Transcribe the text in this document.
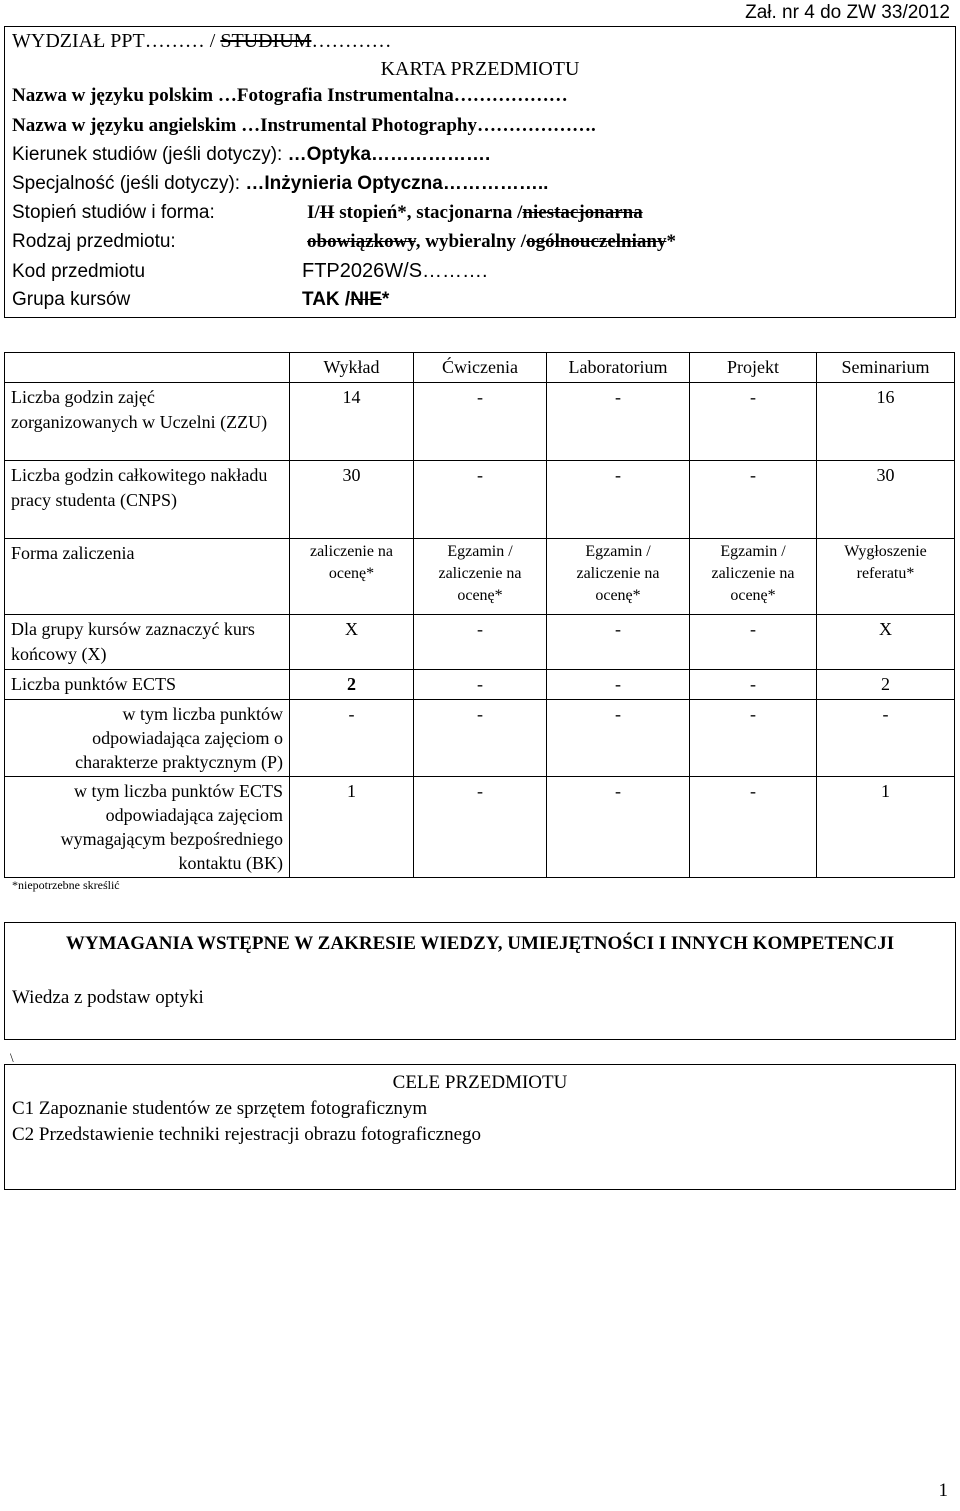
Zał. nr 4 do ZW 33/2012
WYDZIAŁ PPT……… / STUDIUM…………
KARTA PRZEDMIOTU
Nazwa w języku polskim …Fotografia Instrumentalna………………
Nazwa w języku angielskim …Instrumental Photography……………….
Kierunek studiów (jeśli dotyczy): …Optyka……………….
Specjalność (jeśli dotyczy): …Inżynieria Optyczna……………..
Stopień studiów i forma:	I/II stopień*, stacjonarna /niestacjonarna
Rodzaj przedmiotu:	obowiązkowy, wybieralny /ogólnouczelniany*
Kod przedmiotu	FTP2026W/S……….
Grupa kursów	TAK /NIE*
	Wykład	Ćwiczenia	Laboratorium	Projekt	Seminarium
Liczba godzin zajęć zorganizowanych w Uczelni (ZZU)	14	-	-	-	16
Liczba godzin całkowitego nakładu pracy studenta (CNPS)	30	-	-	-	30
Forma zaliczenia	zaliczenie na ocenę*	Egzamin / zaliczenie na ocenę*	Egzamin / zaliczenie na ocenę*	Egzamin / zaliczenie na ocenę*	Wygłoszenie referatu*
Dla grupy kursów zaznaczyć kurs końcowy (X)	X	-	-	-	X
Liczba punktów ECTS	2	-	-	-	2
w tym liczba punktów odpowiadająca zajęciom o charakterze praktycznym (P)	-	-	-	-	-
w tym liczba punktów ECTS odpowiadająca zajęciom wymagającym bezpośredniego kontaktu (BK)	1	-	-	-	1
*niepotrzebne skreślić
WYMAGANIA WSTĘPNE W ZAKRESIE WIEDZY, UMIEJĘTNOŚCI I INNYCH KOMPETENCJI
Wiedza z podstaw optyki
\
CELE PRZEDMIOTU
C1 Zapoznanie studentów ze sprzętem fotograficznym
C2 Przedstawienie techniki rejestracji obrazu fotograficznego
1
